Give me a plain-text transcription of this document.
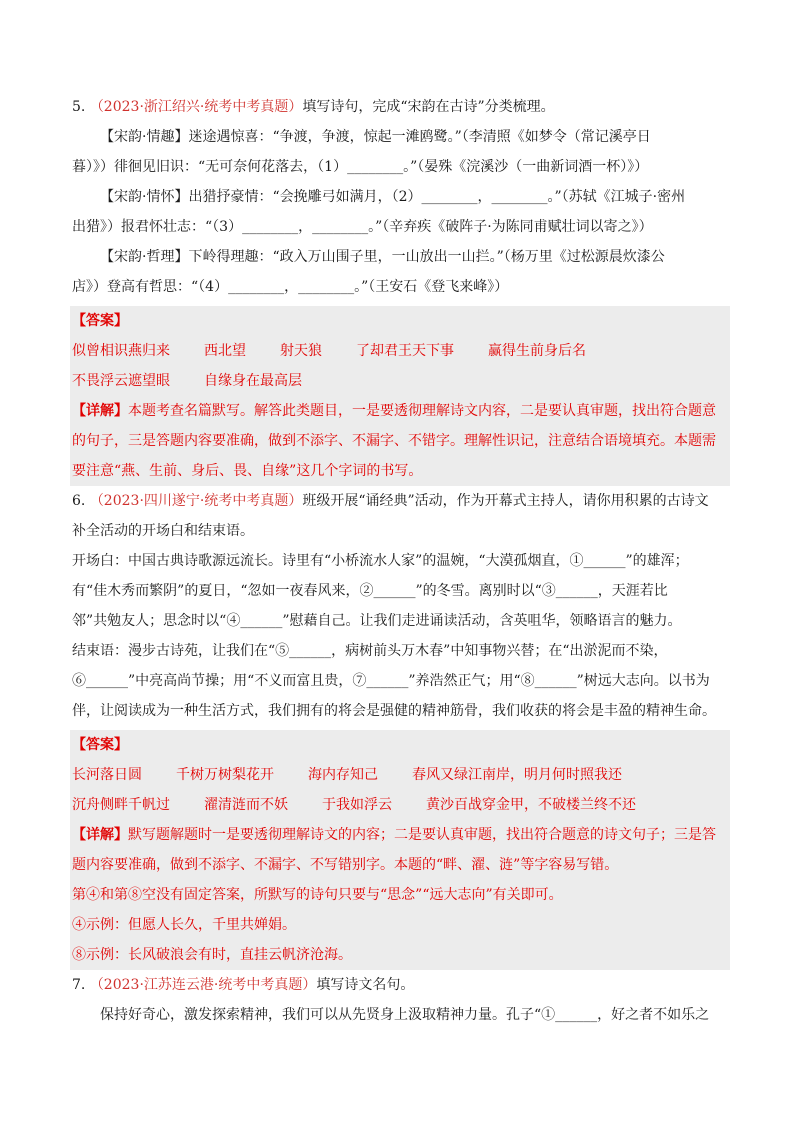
5. （2023·浙江绍兴·统考中考真题）填写诗句，完成“宋韵在古诗”分类梳理。
【宋韵·情趣】迷途遇惊喜：“争渡，争渡，惊起一滩鸥鹭。”（李清照《如梦令（常记溪亭日
暮）》）徘徊见旧识：“无可奈何花落去，（1）________。”（晏殊《浣溪沙（一曲新词酒一杯）》）
【宋韵·情怀】出猎抒豪情：“会挽雕弓如满月，（2）________，________。”（苏轼《江城子·密州
出猎》）报君怀壮志：“（3）________，________。”（辛弃疾《破阵子·为陈同甫赋壮词以寄之》）
【宋韵·哲理】下岭得理趣：“政入万山围子里，一山放出一山拦。”（杨万里《过松源晨炊漆公
店》）登高有哲思：“（4）________，________。”（王安石《登飞来峰》）
【答案】
似曾相识燕归来 西北望 射天狼 了却君王天下事 赢得生前身后名
不畏浮云遮望眼 自缘身在最高层
【详解】本题考查名篇默写。解答此类题目，一是要透彻理解诗文内容，二是要认真审题，找出符合题意
的句子，三是答题内容要准确，做到不添字、不漏字、不错字。理解性识记，注意结合语境填充。本题需
要注意“燕、生前、身后、畏、自缘”这几个字词的书写。
6. （2023·四川遂宁·统考中考真题）班级开展“诵经典”活动，作为开幕式主持人，请你用积累的古诗文
补全活动的开场白和结束语。
开场白：中国古典诗歌源远流长。诗里有“小桥流水人家”的温婉，“大漠孤烟直，①______”的雄浑；
有“佳木秀而繁阴”的夏日，“忽如一夜春风来，②______”的冬雪。离别时以“③______，天涯若比
邻”共勉友人；思念时以“④______”慰藉自己。让我们走进诵读活动，含英咀华，领略语言的魅力。
结束语：漫步古诗苑，让我们在“⑤______，病树前头万木春”中知事物兴替；在“出淤泥而不染，
⑥______”中亮高尚节操；用“不义而富且贵，⑦______”养浩然正气；用“⑧______”树远大志向。以书为
伴，让阅读成为一种生活方式，我们拥有的将会是强健的精神筋骨，我们收获的将会是丰盈的精神生命。
【答案】
长河落日圆 千树万树梨花开 海内存知己 春风又绿江南岸，明月何时照我还
沉舟侧畔千帆过 濯清涟而不妖 于我如浮云 黄沙百战穿金甲，不破楼兰终不还
【详解】默写题解题时一是要透彻理解诗文的内容；二是要认真审题，找出符合题意的诗文句子；三是答
题内容要准确，做到不添字、不漏字、不写错别字。本题的“畔、濯、涟”等字容易写错。
第④和第⑧空没有固定答案，所默写的诗句只要与“思念”“远大志向”有关即可。
④示例：但愿人长久，千里共婵娟。
⑧示例：长风破浪会有时，直挂云帆济沧海。
7. （2023·江苏连云港·统考中考真题）填写诗文名句。
保持好奇心，激发探索精神，我们可以从先贤身上汲取精神力量。孔子“①______，好之者不如乐之
